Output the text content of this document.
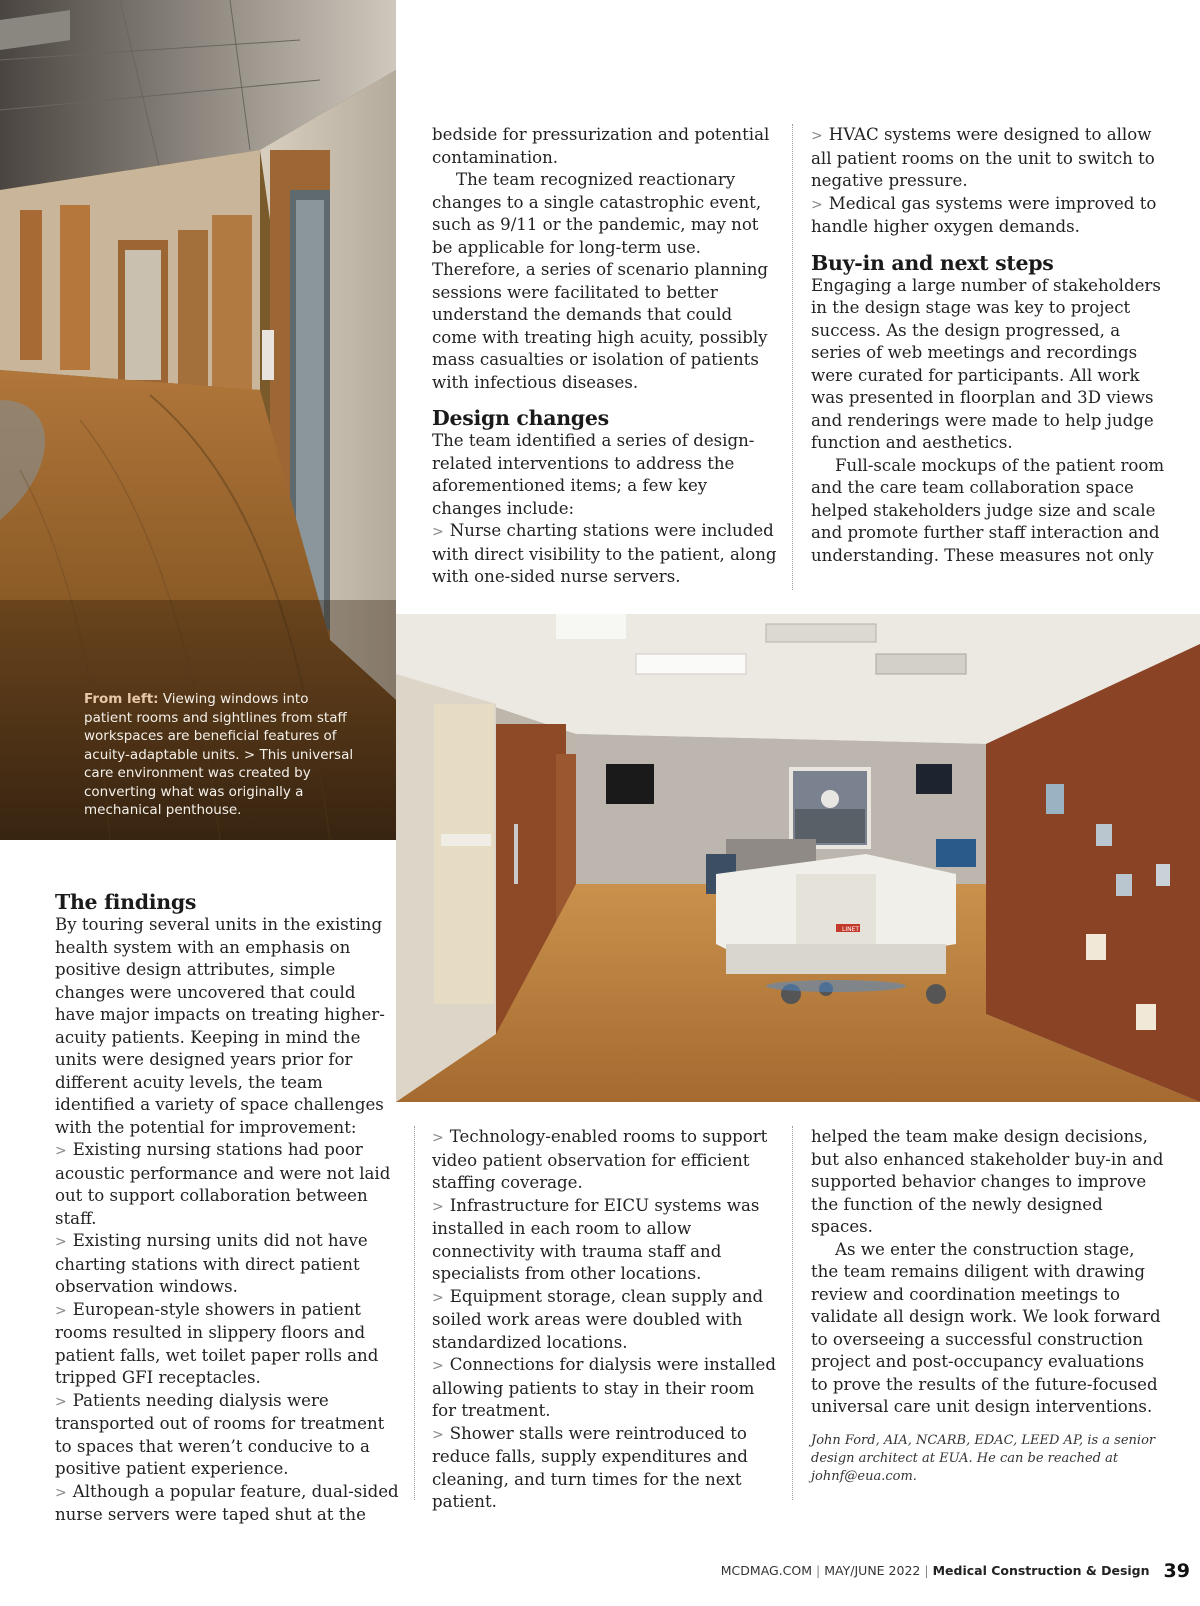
From left: Viewing windows into patient rooms and sightlines from staff workspaces are beneficial features of acuity-adaptable units. > This universal care environment was created by converting what was originally a mechanical penthouse.
LINET

bedside for pressurization and potential contamination.

The team recognized reactionary changes to a single catastrophic event, such as 9/11 or the pandemic, may not be applicable for long-term use. Therefore, a series of scenario planning sessions were facilitated to better understand the demands that could come with treating high acuity, possibly mass casualties or isolation of patients with infectious diseases.

Design changes

The team identified a series of design-related interventions to address the aforementioned items; a few key changes include:

> Nurse charting stations were included with direct visibility to the patient, along with one-sided nurse servers.

> HVAC systems were designed to allow all patient rooms on the unit to switch to negative pressure.

> Medical gas systems were improved to handle higher oxygen demands.

Buy-in and next steps

Engaging a large number of stakeholders in the design stage was key to project success. As the design progressed, a series of web meetings and recordings were curated for participants. All work was presented in floorplan and 3D views and renderings were made to help judge function and aesthetics.

Full-scale mockups of the patient room and the care team collaboration space helped stakeholders judge size and scale and promote further staff interaction and understanding. These measures not only

The findings

By touring several units in the existing health system with an emphasis on positive design attributes, simple changes were uncovered that could have major impacts on treating higher-acuity patients. Keeping in mind the units were designed years prior for different acuity levels, the team identified a variety of space challenges with the potential for improvement:

> Existing nursing stations had poor acoustic performance and were not laid out to support collaboration between staff.

> Existing nursing units did not have charting stations with direct patient observation windows.

> European-style showers in patient rooms resulted in slippery floors and patient falls, wet toilet paper rolls and tripped GFI receptacles.

> Patients needing dialysis were transported out of rooms for treatment to spaces that weren’t conducive to a positive patient experience.

> Although a popular feature, dual-sided nurse servers were taped shut at the

> Technology-enabled rooms to support video patient observation for efficient staffing coverage.

> Infrastructure for EICU systems was installed in each room to allow connectivity with trauma staff and specialists from other locations.

> Equipment storage, clean supply and soiled work areas were doubled with standardized locations.

> Connections for dialysis were installed allowing patients to stay in their room for treatment.

> Shower stalls were reintroduced to reduce falls, supply expenditures and cleaning, and turn times for the next patient.

helped the team make design decisions, but also enhanced stakeholder buy-in and supported behavior changes to improve the function of the newly designed spaces.

As we enter the construction stage, the team remains diligent with drawing review and coordination meetings to validate all design work. We look forward to overseeing a successful construction project and post-occupancy evaluations to prove the results of the future-focused universal care unit design interventions.

John Ford, AIA, NCARB, EDAC, LEED AP, is a senior design architect at EUA. He can be reached at johnf@eua.com.
MCDMAG.COM | MAY/JUNE 2022 | Medical Construction & Design 39
